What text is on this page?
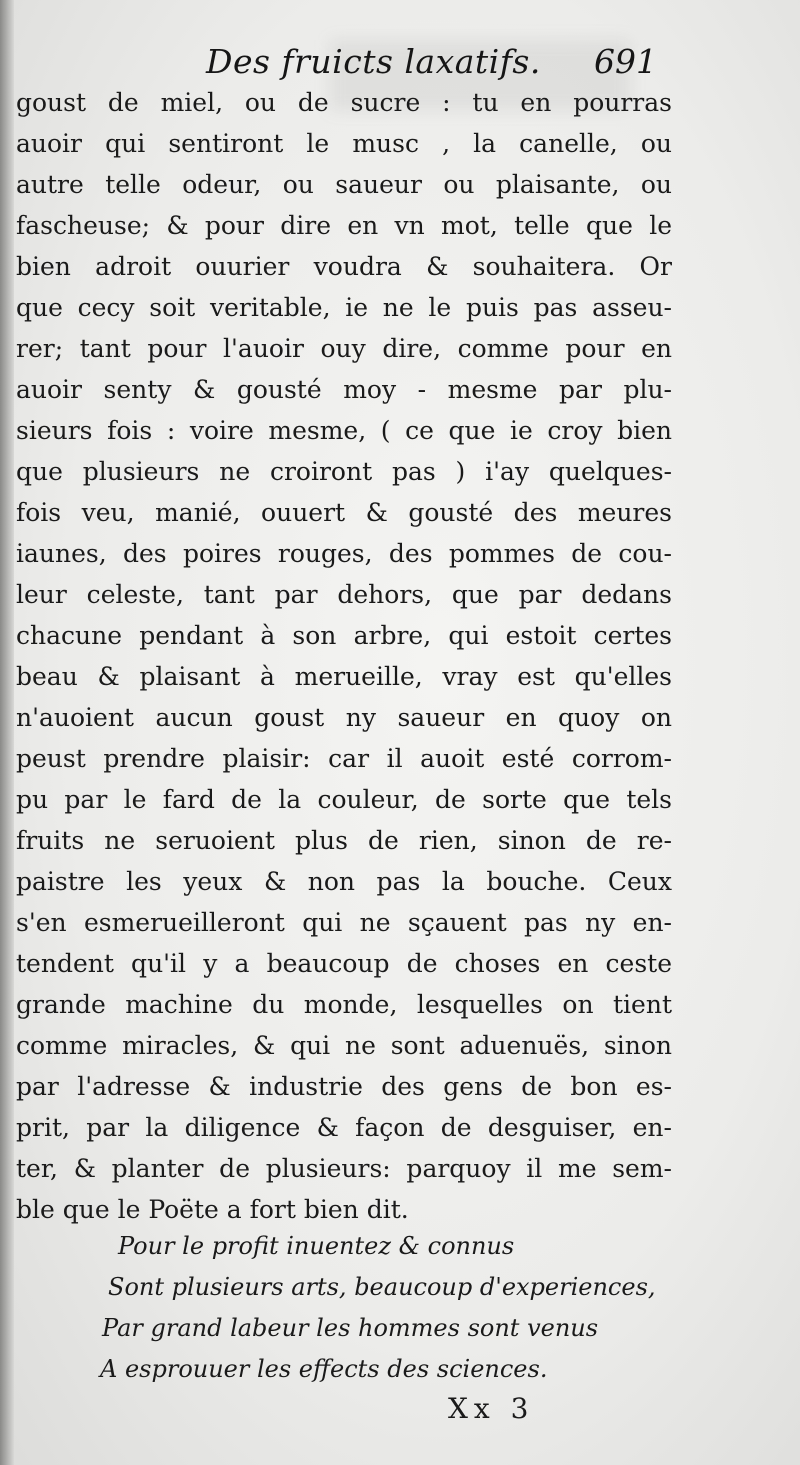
Des fruicts laxatifs. 691
goust de miel, ou de sucre : tu en pourras
auoir qui sentiront le musc , la canelle, ou
autre telle odeur, ou saueur ou plaisante, ou
fascheuse; & pour dire en vn mot, telle que le
bien adroit ouurier voudra & souhaitera. Or
que cecy soit veritable, ie ne le puis pas asseu-
rer; tant pour l'auoir ouy dire, comme pour en
auoir senty & gousté moy - mesme par plu-
sieurs fois : voire mesme, ( ce que ie croy bien
que plusieurs ne croiront pas ) i'ay quelques-
fois veu, manié, ouuert & gousté des meures
iaunes, des poires rouges, des pommes de cou-
leur celeste, tant par dehors, que par dedans
chacune pendant à son arbre, qui estoit certes
beau & plaisant à merueille, vray est qu'elles
n'auoient aucun goust ny saueur en quoy on
peust prendre plaisir: car il auoit esté corrom-
pu par le fard de la couleur, de sorte que tels
fruits ne seruoient plus de rien, sinon de re-
paistre les yeux & non pas la bouche. Ceux
s'en esmerueilleront qui ne sçauent pas ny en-
tendent qu'il y a beaucoup de choses en ceste
grande machine du monde, lesquelles on tient
comme miracles, & qui ne sont aduenuës, sinon
par l'adresse & industrie des gens de bon es-
prit, par la diligence & façon de desguiser, en-
ter, & planter de plusieurs: parquoy il me sem-
ble que le Poëte a fort bien dit.
Pour le profit inuentez & connus
Sont plusieurs arts, beaucoup d'experiences,
Par grand labeur les hommes sont venus
A esprouuer les effects des sciences.
Xx 3
